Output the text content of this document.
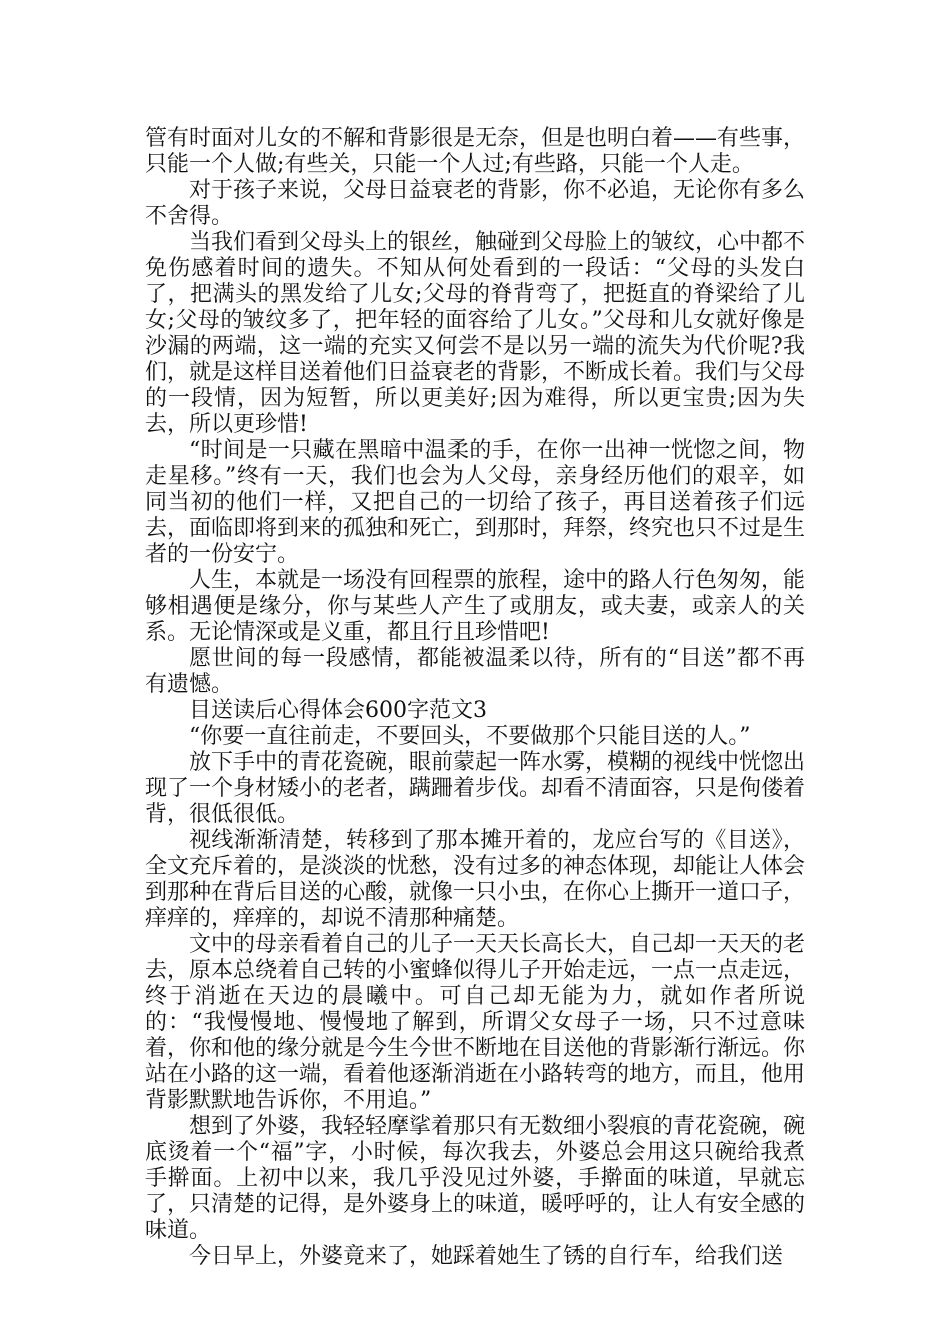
管有时面对儿女的不解和背影很是无奈，但是也明白着——有些事，只能一个人做;有些关，只能一个人过;有些路，只能一个人走。

对于孩子来说，父母日益衰老的背影，你不必追，无论你有多么不舍得。

当我们看到父母头上的银丝，触碰到父母脸上的皱纹，心中都不免伤感着时间的遗失。不知从何处看到的一段话：“父母的头发白了，把满头的黑发给了儿女;父母的脊背弯了，把挺直的脊梁给了儿女;父母的皱纹多了，把年轻的面容给了儿女。”父母和儿女就好像是沙漏的两端，这一端的充实又何尝不是以另一端的流失为代价呢?我们，就是这样目送着他们日益衰老的背影，不断成长着。我们与父母的一段情，因为短暂，所以更美好;因为难得，所以更宝贵;因为失去，所以更珍惜!

“时间是一只藏在黑暗中温柔的手，在你一出神一恍惚之间，物走星移。”终有一天，我们也会为人父母，亲身经历他们的艰辛，如同当初的他们一样，又把自己的一切给了孩子，再目送着孩子们远去，面临即将到来的孤独和死亡，到那时，拜祭，终究也只不过是生者的一份安宁。

人生，本就是一场没有回程票的旅程，途中的路人行色匆匆，能够相遇便是缘分，你与某些人产生了或朋友，或夫妻，或亲人的关系。无论情深或是义重，都且行且珍惜吧!

愿世间的每一段感情，都能被温柔以待，所有的“目送”都不再有遗憾。

目送读后心得体会600字范文3

“你要一直往前走，不要回头，不要做那个只能目送的人。”

放下手中的青花瓷碗，眼前蒙起一阵水雾，模糊的视线中恍惚出现了一个身材矮小的老者，蹒跚着步伐。却看不清面容，只是佝偻着背，很低很低。

视线渐渐清楚，转移到了那本摊开着的，龙应台写的《目送》，全文充斥着的，是淡淡的忧愁，没有过多的神态体现，却能让人体会到那种在背后目送的心酸，就像一只小虫，在你心上撕开一道口子，痒痒的，痒痒的，却说不清那种痛楚。

文中的母亲看着自己的儿子一天天长高长大，自己却一天天的老去，原本总绕着自己转的小蜜蜂似得儿子开始走远，一点一点走远，终于消逝在天边的晨曦中。可自己却无能为力，就如作者所说的：“我慢慢地、慢慢地了解到，所谓父女母子一场，只不过意味着，你和他的缘分就是今生今世不断地在目送他的背影渐行渐远。你站在小路的这一端，看着他逐渐消逝在小路转弯的地方，而且，他用背影默默地告诉你，不用追。”

想到了外婆，我轻轻摩挲着那只有无数细小裂痕的青花瓷碗，碗底烫着一个“福”字，小时候，每次我去，外婆总会用这只碗给我煮手擀面。上初中以来，我几乎没见过外婆，手擀面的味道，早就忘了，只清楚的记得，是外婆身上的味道，暖呼呼的，让人有安全感的味道。

今日早上，外婆竟来了，她踩着她生了锈的自行车，给我们送
